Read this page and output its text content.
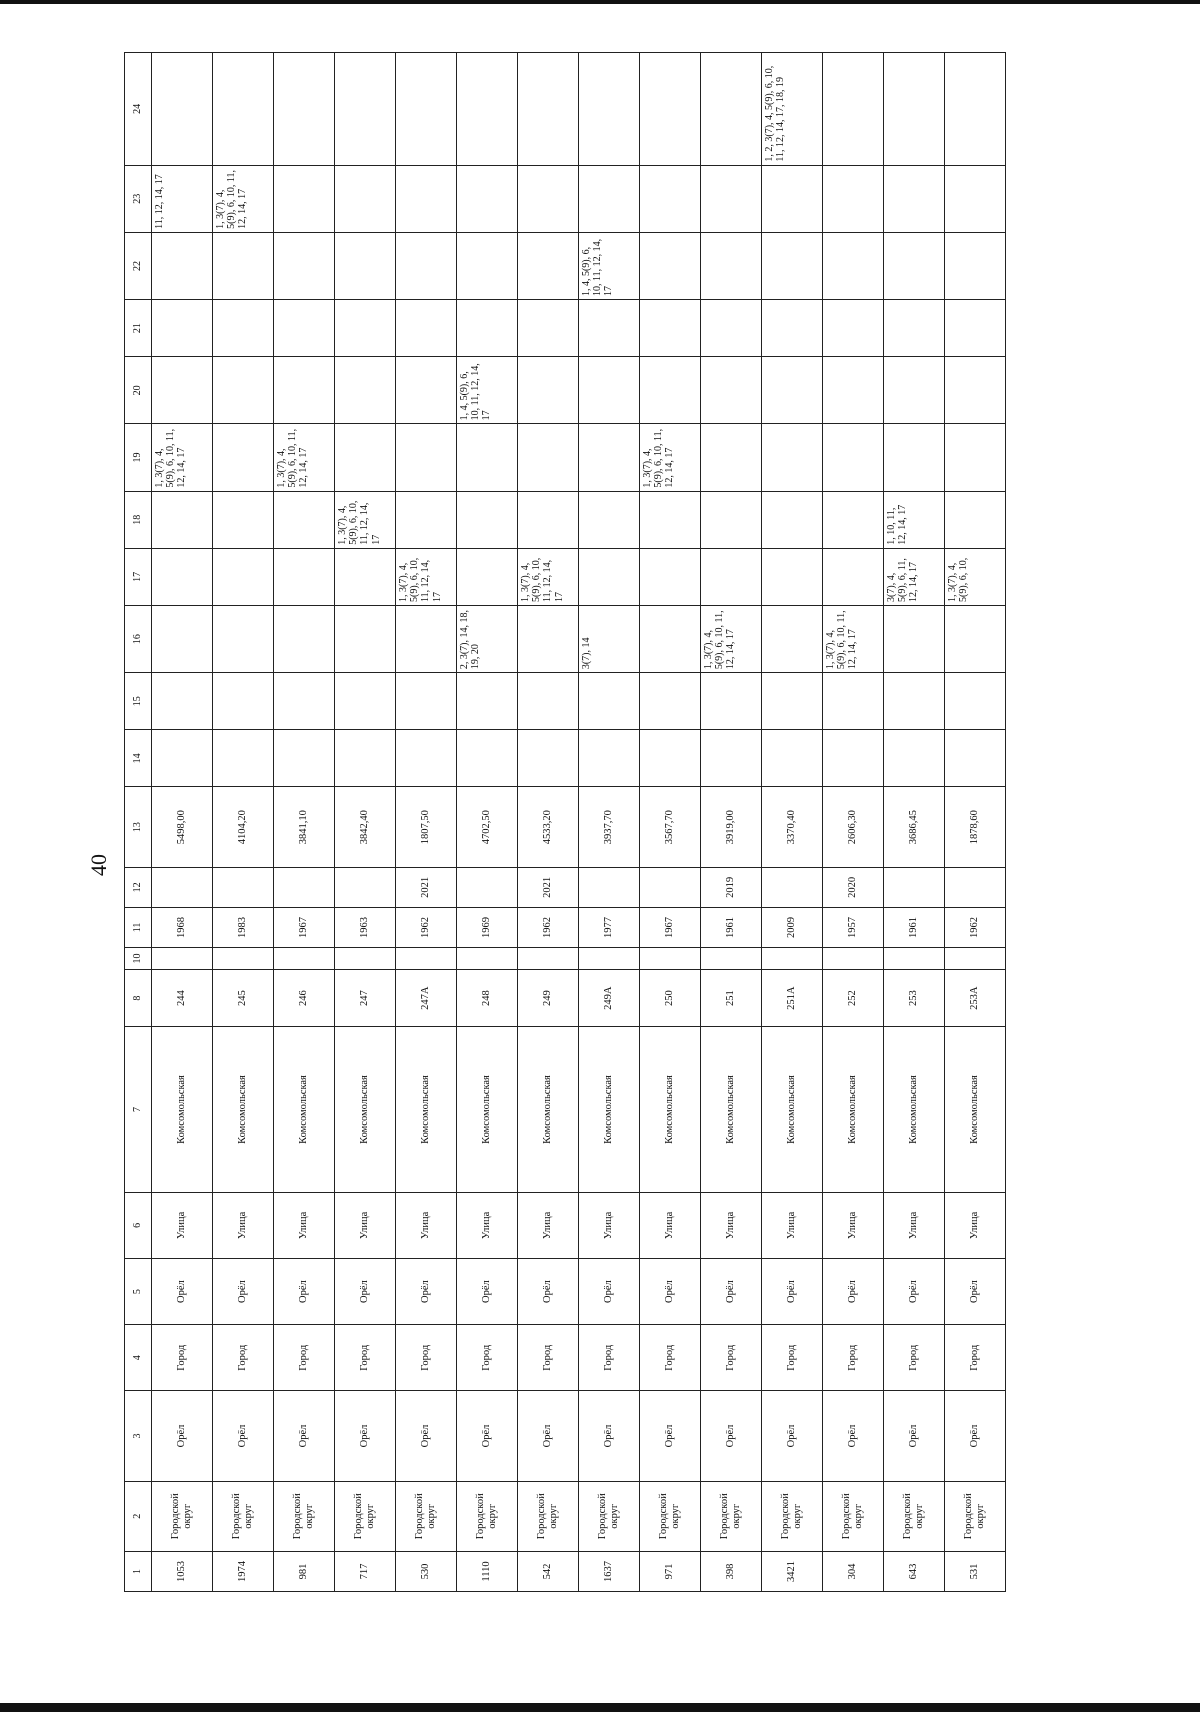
1	2	3	4	5	6	7	8	10	11	12	13	14	15	16	17	18	19	20	21	22	23	24
1053	Городской округ	Орёл	Город	Орёл	Улица	Комсомольская	244		1968		5498,00						1, 3(7), 4, 5(9), 6, 10, 11, 12, 14, 17				11, 12, 14, 17	
1974	Городской округ	Орёл	Город	Орёл	Улица	Комсомольская	245		1983		4104,20										1, 3(7), 4, 5(9), 6, 10, 11, 12, 14, 17	
981	Городской округ	Орёл	Город	Орёл	Улица	Комсомольская	246		1967		3841,10						1, 3(7), 4, 5(9), 6, 10, 11, 12, 14, 17					
717	Городской округ	Орёл	Город	Орёл	Улица	Комсомольская	247		1963		3842,40					1, 3(7), 4, 5(9), 6, 10, 11, 12, 14, 17						
530	Городской округ	Орёл	Город	Орёл	Улица	Комсомольская	247А		1962	2021	1807,50				1, 3(7), 4, 5(9), 6, 10, 11, 12, 14, 17							
1110	Городской округ	Орёл	Город	Орёл	Улица	Комсомольская	248		1969		4702,50			2, 3(7), 14, 18, 19, 20				1, 4, 5(9), 6, 10, 11, 12, 14, 17				
542	Городской округ	Орёл	Город	Орёл	Улица	Комсомольская	249		1962	2021	4533,20				1, 3(7), 4, 5(9), 6, 10, 11, 12, 14, 17							
1637	Городской округ	Орёл	Город	Орёл	Улица	Комсомольская	249А		1977		3937,70			3(7), 14						1, 4, 5(9), 6, 10, 11, 12, 14, 17		
971	Городской округ	Орёл	Город	Орёл	Улица	Комсомольская	250		1967		3567,70						1, 3(7), 4, 5(9), 6, 10, 11, 12, 14, 17					
398	Городской округ	Орёл	Город	Орёл	Улица	Комсомольская	251		1961	2019	3919,00			1, 3(7), 4, 5(9), 6, 10, 11, 12, 14, 17								
3421	Городской округ	Орёл	Город	Орёл	Улица	Комсомольская	251А		2009		3370,40											1, 2, 3(7), 4, 5(9), 6, 10, 11, 12, 14, 17, 18, 19
304	Городской округ	Орёл	Город	Орёл	Улица	Комсомольская	252		1957	2020	2606,30			1, 3(7), 4, 5(9), 6, 10, 11, 12, 14, 17								
643	Городской округ	Орёл	Город	Орёл	Улица	Комсомольская	253		1961		3686,45				3(7), 4, 5(9), 6, 11, 12, 14, 17	1, 10, 11, 12, 14, 17						
531	Городской округ	Орёл	Город	Орёл	Улица	Комсомольская	253А		1962		1878,60				1, 3(7), 4, 5(9), 6, 10,							
40
